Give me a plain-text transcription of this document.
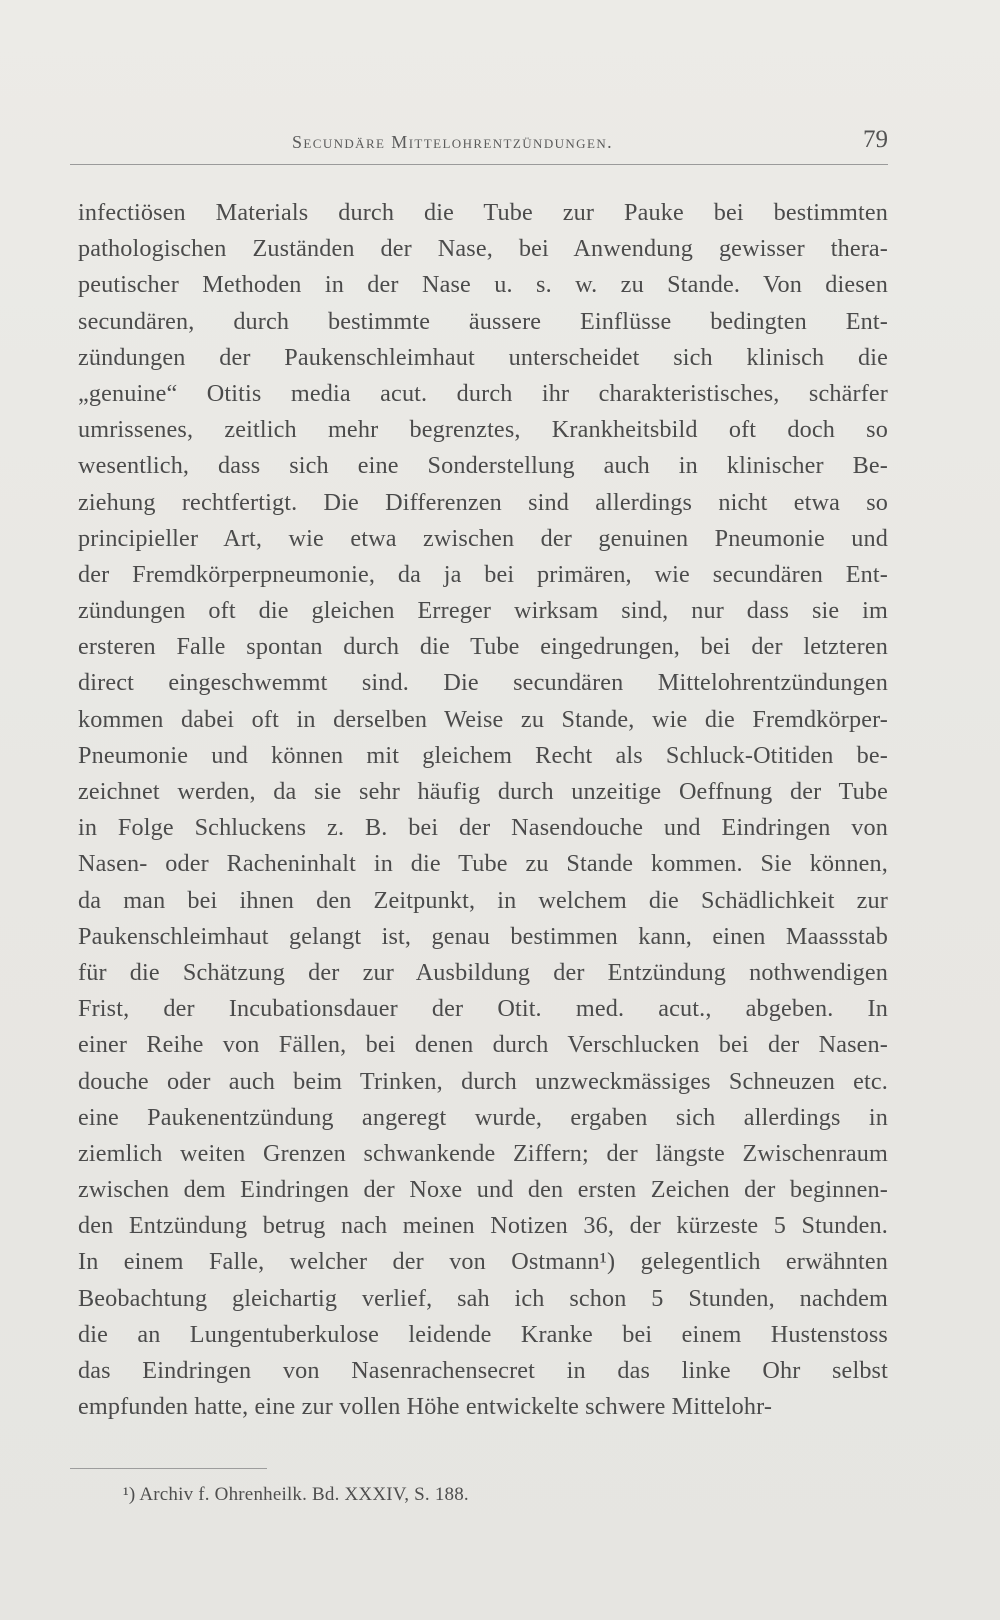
Secundäre Mittelohrentzündungen.	79
infectiösen Materials durch die Tube zur Pauke bei bestimmten
pathologischen Zuständen der Nase, bei Anwendung gewisser thera-
peutischer Methoden in der Nase u. s. w. zu Stande. Von diesen
secundären, durch bestimmte äussere Einflüsse bedingten Ent-
zündungen der Paukenschleimhaut unterscheidet sich klinisch die
„genuine“ Otitis media acut. durch ihr charakteristisches, schärfer
umrissenes, zeitlich mehr begrenztes, Krankheitsbild oft doch so
wesentlich, dass sich eine Sonderstellung auch in klinischer Be-
ziehung rechtfertigt. Die Differenzen sind allerdings nicht etwa so
principieller Art, wie etwa zwischen der genuinen Pneumonie und
der Fremdkörperpneumonie, da ja bei primären, wie secundären Ent-
zündungen oft die gleichen Erreger wirksam sind, nur dass sie im
ersteren Falle spontan durch die Tube eingedrungen, bei der letzteren
direct eingeschwemmt sind. Die secundären Mittelohrentzündungen
kommen dabei oft in derselben Weise zu Stande, wie die Fremdkörper-
Pneumonie und können mit gleichem Recht als Schluck-Otitiden be-
zeichnet werden, da sie sehr häufig durch unzeitige Oeffnung der Tube
in Folge Schluckens z. B. bei der Nasendouche und Eindringen von
Nasen- oder Racheninhalt in die Tube zu Stande kommen. Sie können,
da man bei ihnen den Zeitpunkt, in welchem die Schädlichkeit zur
Paukenschleimhaut gelangt ist, genau bestimmen kann, einen Maassstab
für die Schätzung der zur Ausbildung der Entzündung nothwendigen
Frist, der Incubationsdauer der Otit. med. acut., abgeben. In
einer Reihe von Fällen, bei denen durch Verschlucken bei der Nasen-
douche oder auch beim Trinken, durch unzweckmässiges Schneuzen etc.
eine Paukenentzündung angeregt wurde, ergaben sich allerdings in
ziemlich weiten Grenzen schwankende Ziffern; der längste Zwischenraum
zwischen dem Eindringen der Noxe und den ersten Zeichen der beginnen-
den Entzündung betrug nach meinen Notizen 36, der kürzeste 5 Stunden.
In einem Falle, welcher der von Ostmann¹) gelegentlich erwähnten
Beobachtung gleichartig verlief, sah ich schon 5 Stunden, nachdem
die an Lungentuberkulose leidende Kranke bei einem Hustenstoss
das Eindringen von Nasenrachensecret in das linke Ohr selbst
empfunden hatte, eine zur vollen Höhe entwickelte schwere Mittelohr-
¹) Archiv f. Ohrenheilk. Bd. XXXIV, S. 188.
